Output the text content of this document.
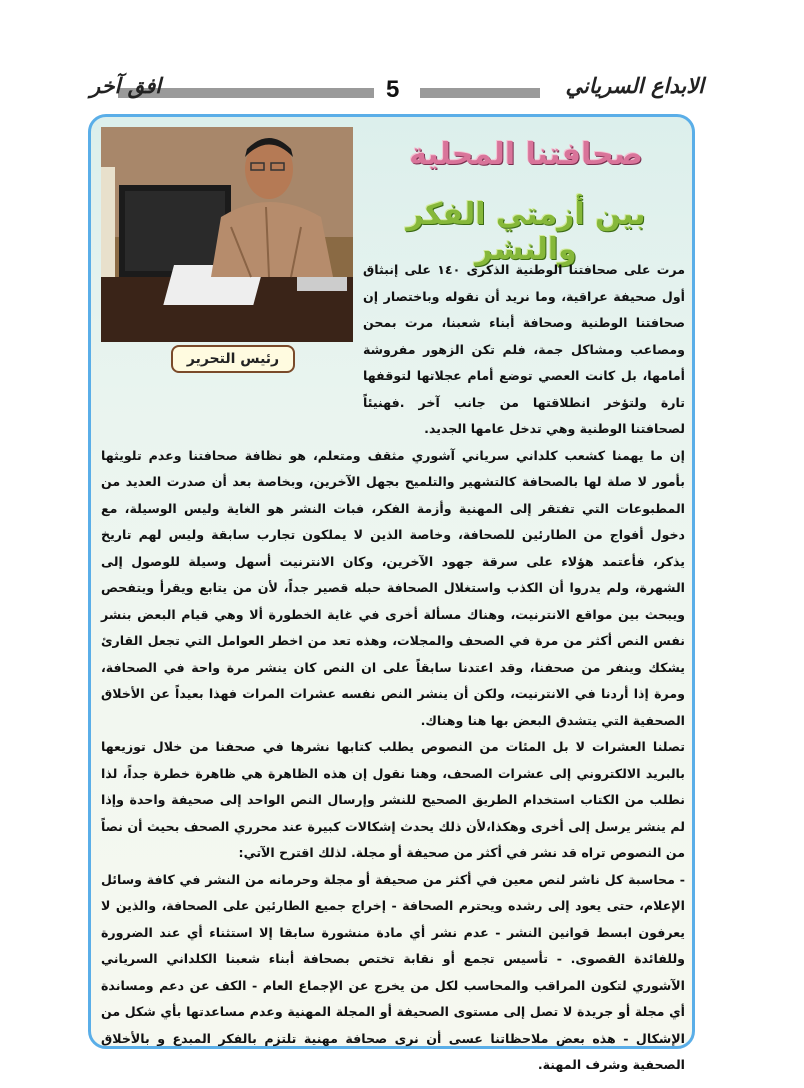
افق آخر	5	الابداع السرياني
رئيس التحرير
صحافتنا المحلية
بين أزمتي الفكر والنشر

مرت على صحافتنا الوطنية الذكرى ١٤٠ على إنبثاق أول صحيفة عراقية، وما نريد أن نقوله وباختصار إن صحافتنا الوطنية وصحافة أبناء شعبنا، مرت بمحن ومصاعب ومشاكل جمة، فلم تكن الزهور مفروشة أمامها، بل كانت العصي توضع أمام عجلاتها لتوقفها تارة ولتؤخر انطلاقتها من جانب آخر .فهنيئاً لصحافتنا الوطنية وهي تدخل عامها الجديد.

إن ما يهمنا كشعب كلداني سرياني آشوري مثقف ومتعلم، هو نظافة صحافتنا وعدم تلويثها بأمور لا صلة لها بالصحافة كالتشهير والتلميح بجهل الآخرين، وبخاصة بعد أن صدرت العديد من المطبوعات التي تفتقر إلى المهنية وأزمة الفكر، فبات النشر هو الغاية وليس الوسيلة، مع دخول أفواج من الطارئين للصحافة، وخاصة الذين لا يملكون تجارب سابقة وليس لهم تاريخ يذكر، فأعتمد هؤلاء على سرقة جهود الآخرين، وكان الانترنيت أسهل وسيلة للوصول إلى الشهرة، ولم يدروا أن الكذب واستغلال الصحافة حبله قصير جداً، لأن من يتابع ويقرأ ويتفحص ويبحث بين مواقع الانترنيت، وهناك مسألة أخرى في غاية الخطورة ألا وهي قيام البعض بنشر نفس النص أكثر من مرة في الصحف والمجلات، وهذه تعد من اخطر العوامل التي تجعل القارئ يشكك وينفر من صحفنا، وقد اعتدنا سابقاً على ان النص كان ينشر مرة واحة في الصحافة، ومرة إذا أردنا في الانترنيت، ولكن أن ينشر النص نفسه عشرات المرات فهذا بعيداً عن الأخلاق الصحفية التي يتشدق البعض بها هنا وهناك.

تصلنا العشرات لا بل المئات من النصوص يطلب كتابها نشرها في صحفنا من خلال توزيعها بالبريد الالكتروني إلى عشرات الصحف، وهنا نقول إن هذه الظاهرة هي ظاهرة خطرة جداً، لذا نطلب من الكتاب استخدام الطريق الصحيح للنشر وإرسال النص الواحد إلى صحيفة واحدة وإذا لم ينشر يرسل إلى أخرى وهكذا،لأن ذلك يحدث إشكالات كبيرة عند محرري الصحف بحيث أن نصاً من النصوص تراه قد نشر في أكثر من صحيفة أو مجلة. لذلك اقترح الآتي:

- محاسبة كل ناشر لنص معين في أكثر من صحيفة أو مجلة وحرمانه من النشر في كافة وسائل الإعلام، حتى يعود إلى رشده ويحترم الصحافة - إخراج جميع الطارئين على الصحافة، والذين لا يعرفون ابسط قوانين النشر - عدم نشر أي مادة منشورة سابقا إلا استثناء أي عند الضرورة وللفائدة القصوى. - تأسيس تجمع أو نقابة تختص بصحافة أبناء شعبنا الكلداني السرياني الآشوري لتكون المراقب والمحاسب لكل من يخرج عن الإجماع العام - الكف عن دعم ومساندة أي مجلة أو جريدة لا تصل إلى مستوى الصحيفة أو المجلة المهنية وعدم مساعدتها بأي شكل من الإشكال - هذه بعض ملاحظاتنا عسى أن نرى صحافة مهنية تلتزم بالفكر المبدع و بالأخلاق الصحفية وشرف المهنة.
